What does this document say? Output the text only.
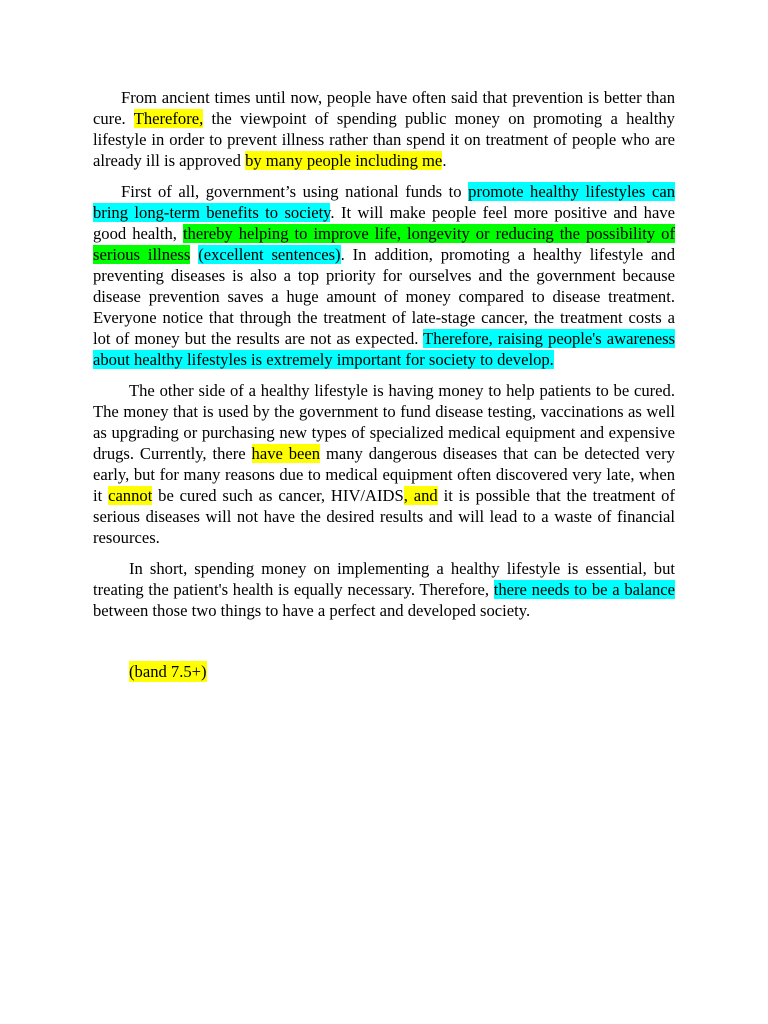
From ancient times until now, people have often said that prevention is better than cure. Therefore, the viewpoint of spending public money on promoting a healthy lifestyle in order to prevent illness rather than spend it on treatment of people who are already ill is approved by many people including me.

First of all, government’s using national funds to promote healthy lifestyles can bring long-term benefits to society. It will make people feel more positive and have good health, thereby helping to improve life, longevity or reducing the possibility of serious illness (excellent sentences). In addition, promoting a healthy lifestyle and preventing diseases is also a top priority for ourselves and the government because disease prevention saves a huge amount of money compared to disease treatment. Everyone notice that through the treatment of late-stage cancer, the treatment costs a lot of money but the results are not as expected. Therefore, raising people's awareness about healthy lifestyles is extremely important for society to develop.

The other side of a healthy lifestyle is having money to help patients to be cured. The money that is used by the government to fund disease testing, vaccinations as well as upgrading or purchasing new types of specialized medical equipment and expensive drugs. Currently, there have been many dangerous diseases that can be detected very early, but for many reasons due to medical equipment often discovered very late, when it cannot be cured such as cancer, HIV/AIDS, and it is possible that the treatment of serious diseases will not have the desired results and will lead to a waste of financial resources.

In short, spending money on implementing a healthy lifestyle is essential, but treating the patient's health is equally necessary. Therefore, there needs to be a balance between those two things to have a perfect and developed society.

(band 7.5+)
